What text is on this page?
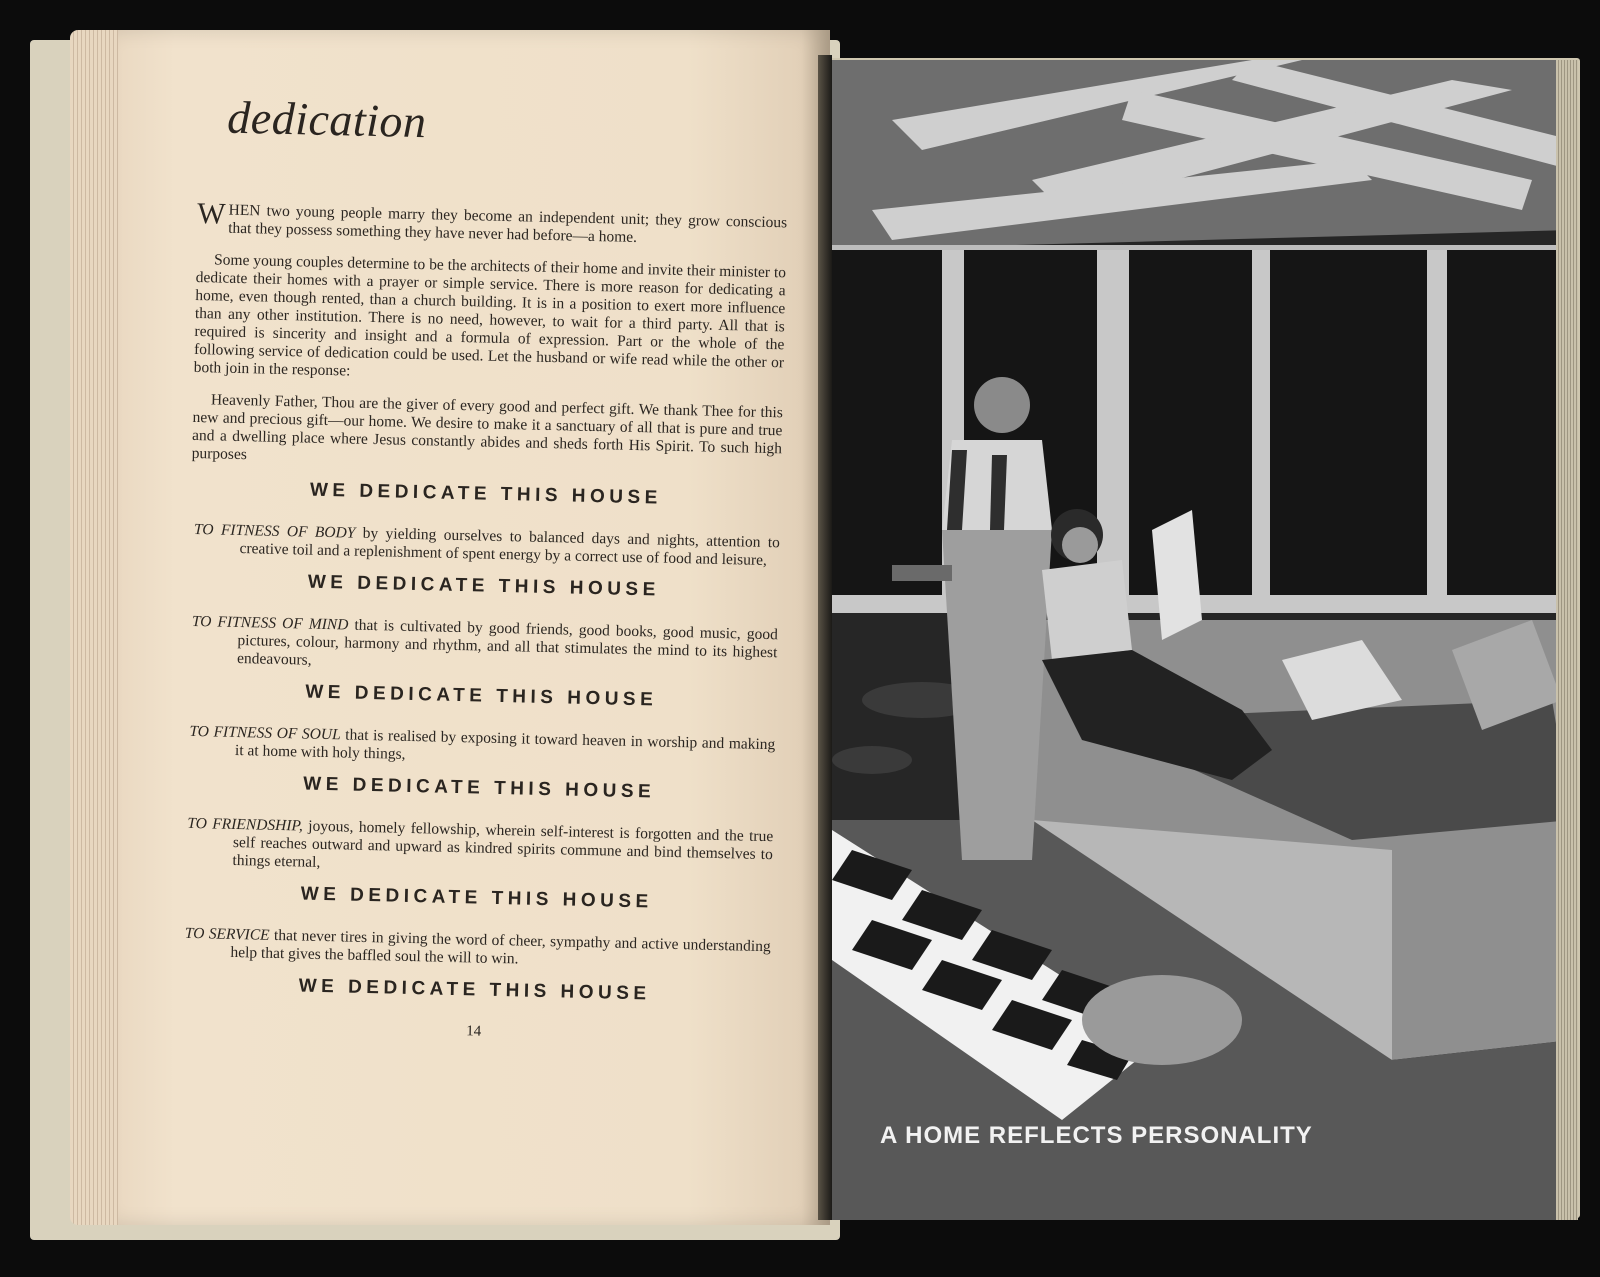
dedication

WHEN two young people marry they become an independent unit; they grow conscious that they possess something they have never had before—a home.

Some young couples determine to be the architects of their home and invite their minister to dedicate their homes with a prayer or simple service. There is more reason for dedicating a home, even though rented, than a church building. It is in a position to exert more influence than any other institution. There is no need, however, to wait for a third party. All that is required is sincerity and insight and a formula of expression. Part or the whole of the following service of dedication could be used. Let the husband or wife read while the other or both join in the response:

Heavenly Father, Thou are the giver of every good and perfect gift. We thank Thee for this new and precious gift—our home. We desire to make it a sanctuary of all that is pure and true and a dwelling place where Jesus constantly abides and sheds forth His Spirit. To such high purposes

WE DEDICATE THIS HOUSE

TO FITNESS OF BODY by yielding ourselves to balanced days and nights, attention to creative toil and a replenishment of spent energy by a correct use of food and leisure,

WE DEDICATE THIS HOUSE

TO FITNESS OF MIND that is cultivated by good friends, good books, good music, good pictures, colour, harmony and rhythm, and all that stimulates the mind to its highest endeavours,

WE DEDICATE THIS HOUSE

TO FITNESS OF SOUL that is realised by exposing it toward heaven in worship and making it at home with holy things,

WE DEDICATE THIS HOUSE

TO FRIENDSHIP, joyous, homely fellowship, wherein self-interest is forgotten and the true self reaches outward and upward as kindred spirits commune and bind themselves to things eternal,

WE DEDICATE THIS HOUSE

TO SERVICE that never tires in giving the word of cheer, sympathy and active understanding help that gives the baffled soul the will to win.

WE DEDICATE THIS HOUSE
14
A HOME REFLECTS PERSONALITY
